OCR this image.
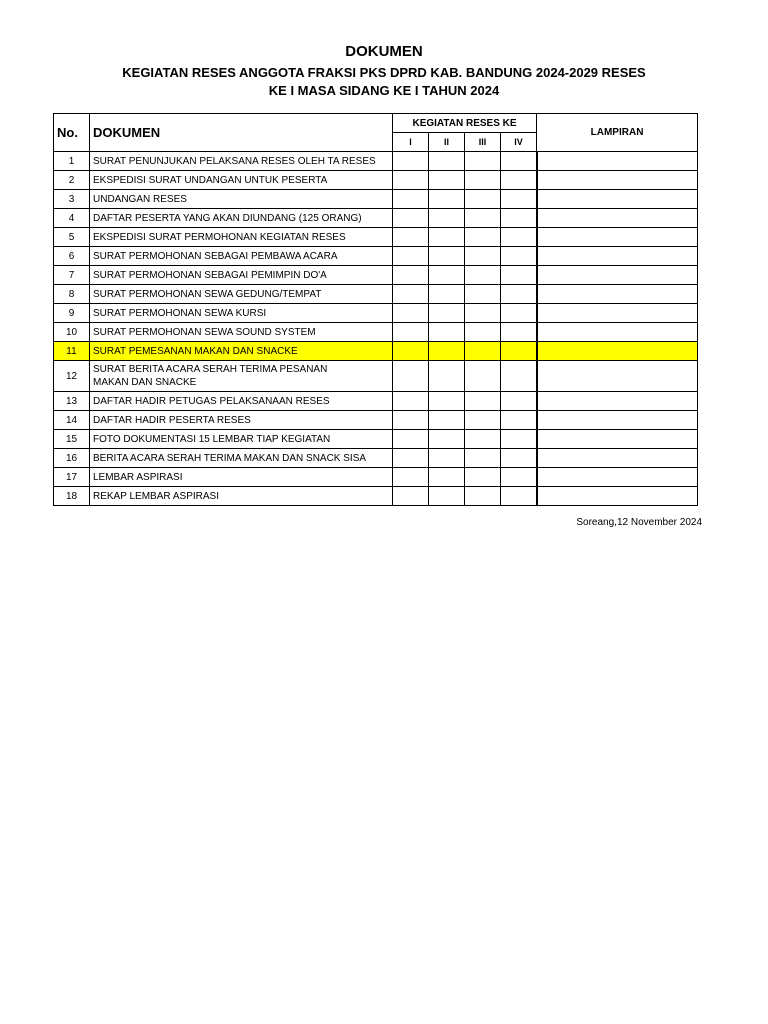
DOKUMEN
KEGIATAN RESES ANGGOTA FRAKSI PKS DPRD KAB. BANDUNG 2024-2029 RESES
KE I MASA SIDANG KE I TAHUN 2024
No.	DOKUMEN	KEGIATAN RESES KE				LAMPIRAN
		I	II	III	IV	
1	SURAT PENUNJUKAN PELAKSANA RESES OLEH TA RESES					
2	EKSPEDISI SURAT UNDANGAN UNTUK PESERTA					
3	UNDANGAN RESES					
4	DAFTAR PESERTA YANG AKAN DIUNDANG (125 ORANG)					
5	EKSPEDISI SURAT PERMOHONAN KEGIATAN RESES					
6	SURAT PERMOHONAN SEBAGAI PEMBAWA ACARA					
7	SURAT PERMOHONAN SEBAGAI PEMIMPIN DO'A					
8	SURAT PERMOHONAN SEWA GEDUNG/TEMPAT					
9	SURAT PERMOHONAN SEWA KURSI					
10	SURAT PERMOHONAN SEWA SOUND SYSTEM					
11	SURAT PEMESANAN MAKAN DAN SNACKE					
12	SURAT BERITA ACARA SERAH TERIMA PESANAN
MAKAN DAN SNACKE					

13	DAFTAR HADIR PETUGAS PELAKSANAAN RESES					
14	DAFTAR HADIR PESERTA RESES					
15	FOTO DOKUMENTASI 15 LEMBAR TIAP KEGIATAN					
16	BERITA ACARA SERAH TERIMA MAKAN DAN SNACK SISA					
17	LEMBAR ASPIRASI					
18	REKAP LEMBAR ASPIRASI					
Soreang,12 November 2024
